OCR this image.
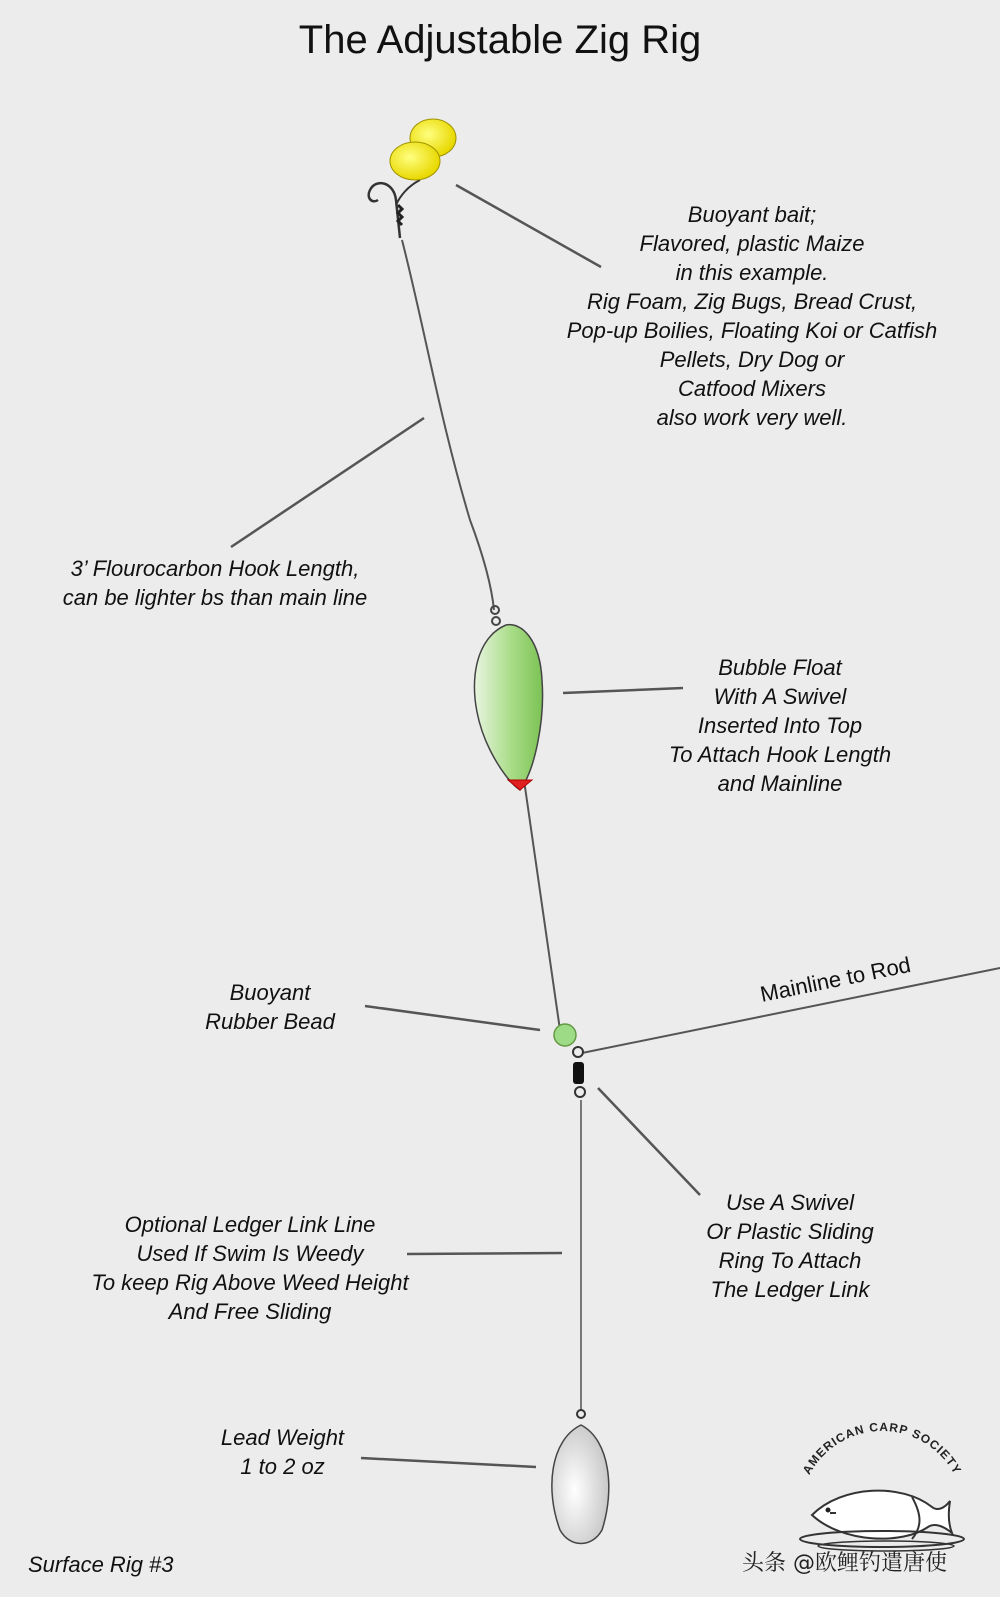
Mainline to Rod
AMERICAN CARP SOCIETY
The Adjustable Zig Rig
Buoyant bait;
Flavored, plastic Maize
in this example.
Rig Foam, Zig Bugs, Bread Crust,
Pop-up Boilies, Floating Koi or Catfish
Pellets, Dry Dog or
Catfood Mixers
also work very well.
3’ Flourocarbon Hook Length,
can be lighter bs than main line
Bubble Float
With A Swivel
Inserted Into Top
To Attach Hook Length
and Mainline
Buoyant
Rubber Bead
Use A Swivel
Or Plastic Sliding
Ring To Attach
The Ledger Link
Optional Ledger Link Line
Used If Swim Is Weedy
To keep Rig Above Weed Height
And Free Sliding
Lead Weight
1 to 2 oz
Surface Rig #3	头条 @欧鲤钓遣唐使
